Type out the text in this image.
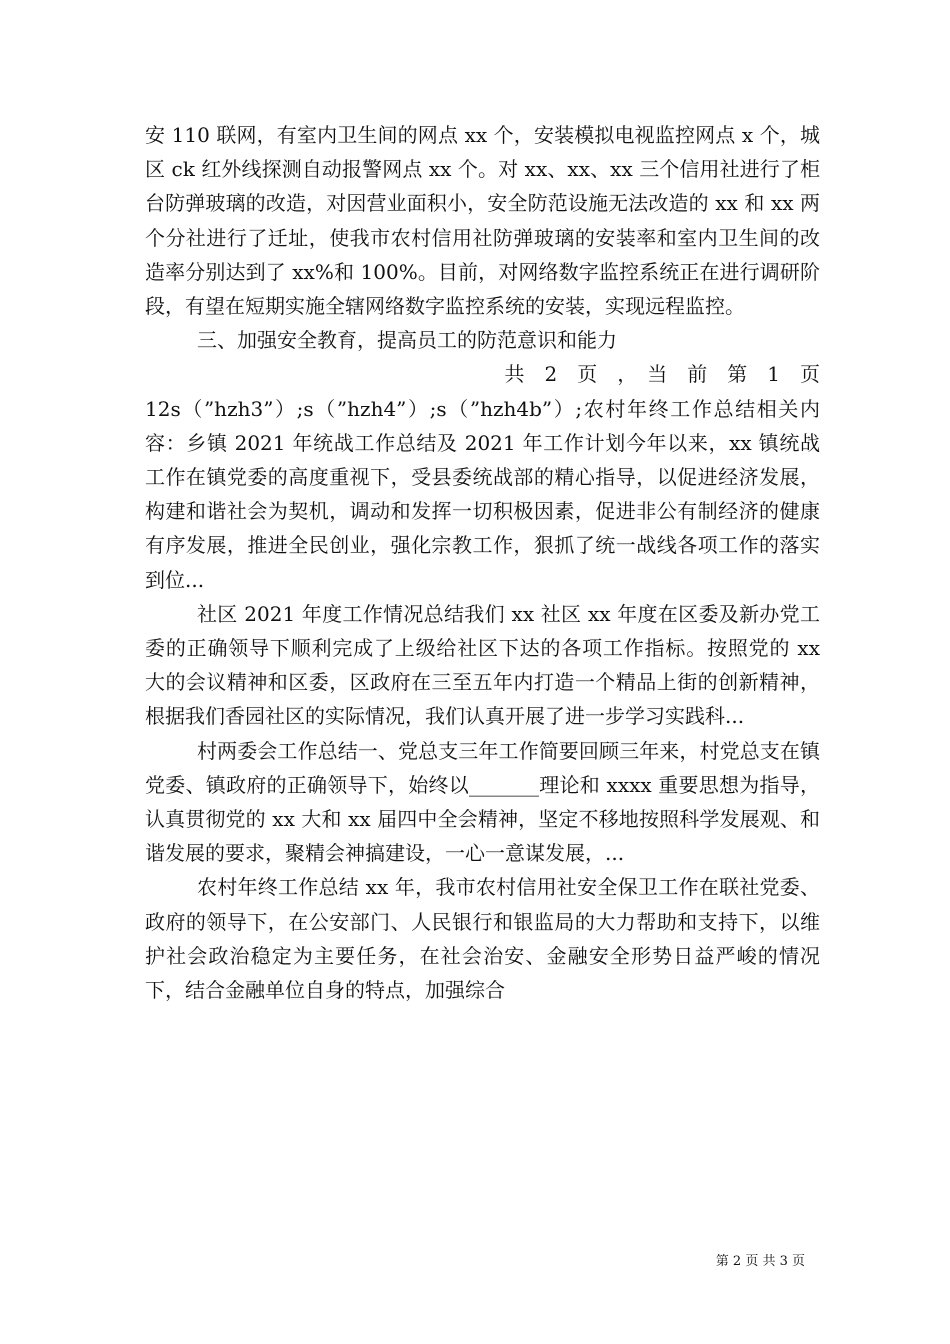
安 110 联网，有室内卫生间的网点 xx 个，安装模拟电视监控网点 x 个，城区 ck 红外线探测自动报警网点 xx 个。对 xx、xx、xx 三个信用社进行了柜台防弹玻璃的改造，对因营业面积小，安全防范设施无法改造的 xx 和 xx 两个分社进行了迁址，使我市农村信用社防弹玻璃的安装率和室内卫生间的改造率分别达到了 xx%和 100%。目前，对网络数字监控系统正在进行调研阶段，有望在短期实施全辖网络数字监控系统的安装，实现远程监控。

三、加强安全教育，提高员工的防范意识和能力

共　2　页　，　当　前　第　1　页

12s（”hzh3”）;s（”hzh4”）;s（”hzh4b”）;农村年终工作总结相关内容：乡镇 2021 年统战工作总结及 2021 年工作计划今年以来，xx 镇统战工作在镇党委的高度重视下，受县委统战部的精心指导，以促进经济发展，构建和谐社会为契机，调动和发挥一切积极因素，促进非公有制经济的健康有序发展，推进全民创业，强化宗教工作，狠抓了统一战线各项工作的落实到位...

社区 2021 年度工作情况总结我们 xx 社区 xx 年度在区委及新办党工委的正确领导下顺利完成了上级给社区下达的各项工作指标。按照党的 xx 大的会议精神和区委，区政府在三至五年内打造一个精品上街的创新精神，根据我们香园社区的实际情况，我们认真开展了进一步学习实践科...

村两委会工作总结一、党总支三年工作简要回顾三年来，村党总支在镇党委、镇政府的正确领导下，始终以_______理论和 xxxx 重要思想为指导，认真贯彻党的 xx 大和 xx 届四中全会精神，坚定不移地按照科学发展观、和谐发展的要求，聚精会神搞建设，一心一意谋发展，...

农村年终工作总结 xx 年，我市农村信用社安全保卫工作在联社党委、政府的领导下，在公安部门、人民银行和银监局的大力帮助和支持下，以维护社会政治稳定为主要任务，在社会治安、金融安全形势日益严峻的情况下，结合金融单位自身的特点，加强综合

第 2 页 共 3 页
